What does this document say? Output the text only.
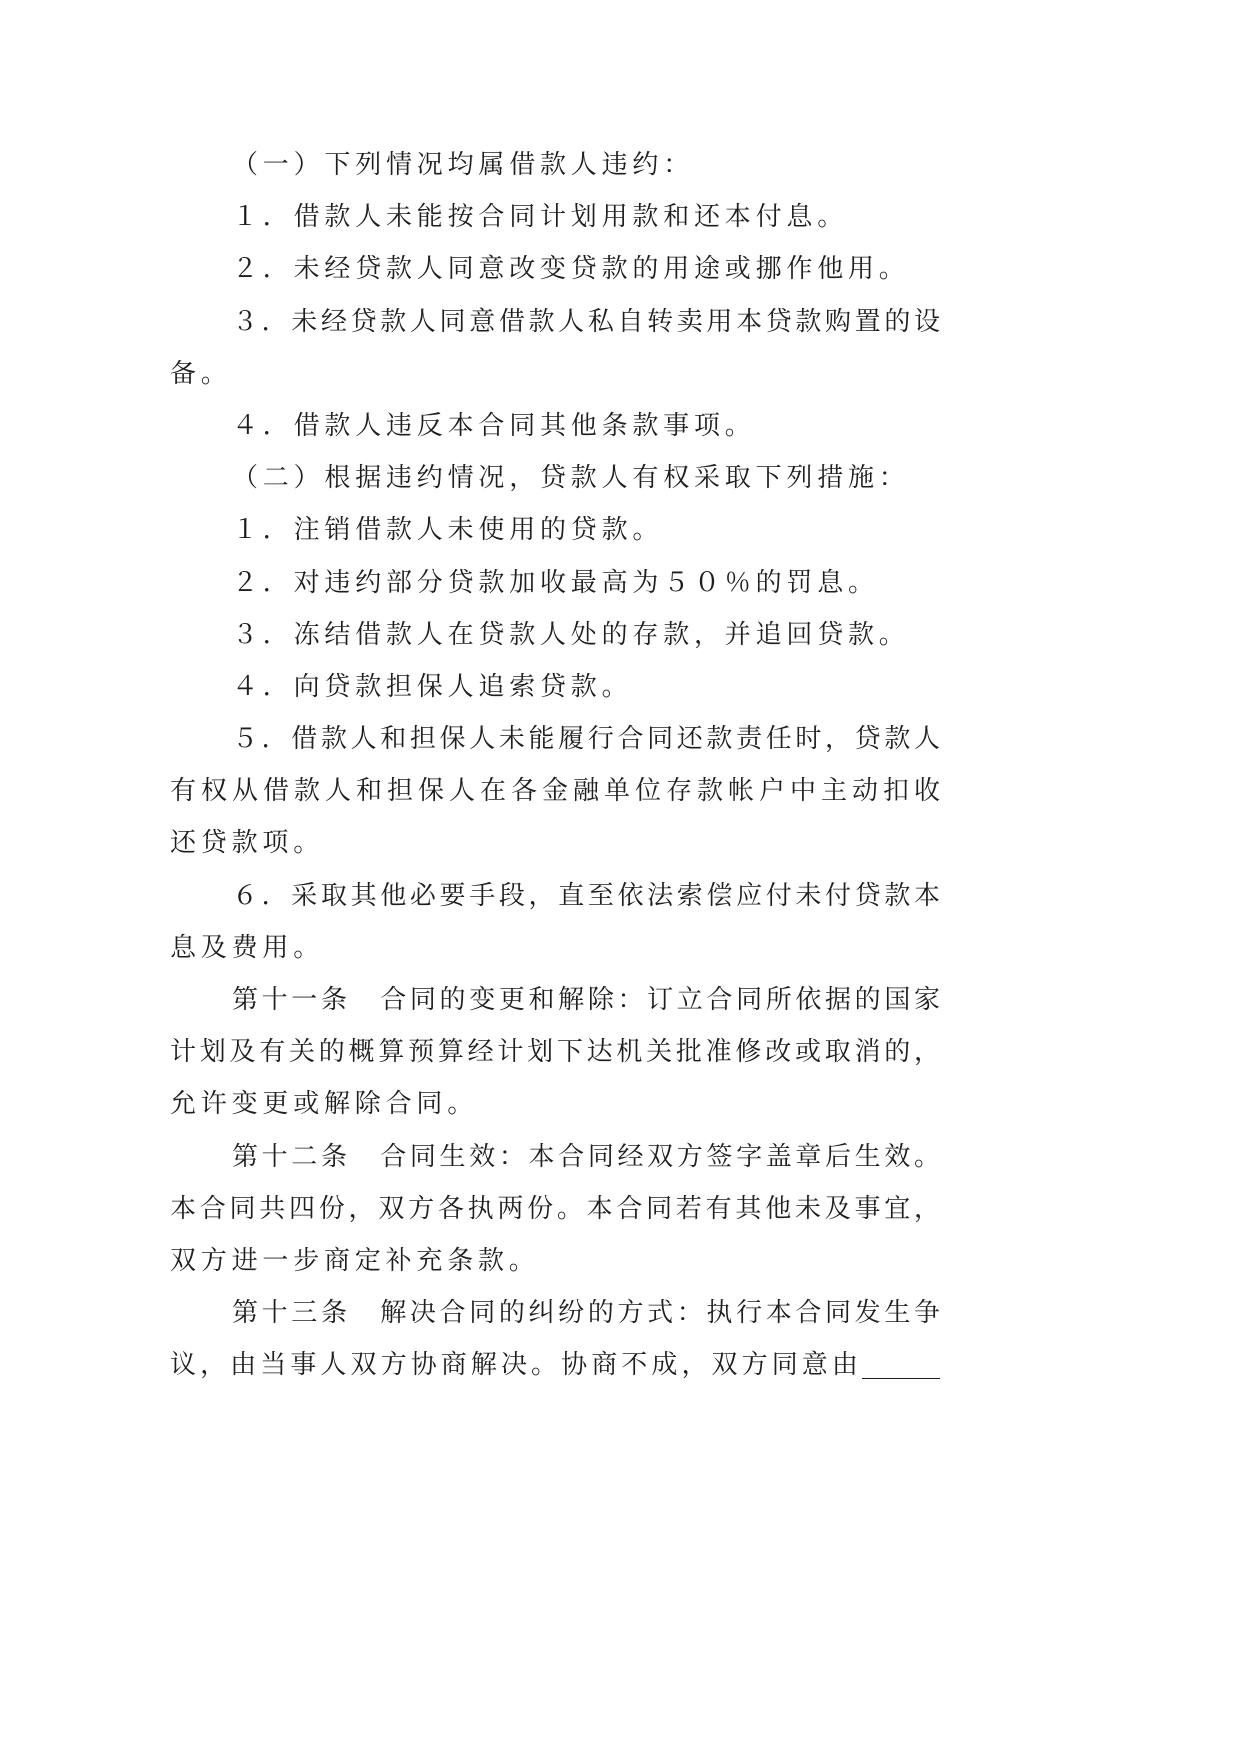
（一）下列情况均属借款人违约：
１．借款人未能按合同计划用款和还本付息。
２．未经贷款人同意改变贷款的用途或挪作他用。
３．未经贷款人同意借款人私自转卖用本贷款购置的设
备。
４．借款人违反本合同其他条款事项。
（二）根据违约情况，贷款人有权采取下列措施：
１．注销借款人未使用的贷款。
２．对违约部分贷款加收最高为５０％的罚息。
３．冻结借款人在贷款人处的存款，并追回贷款。
４．向贷款担保人追索贷款。
５．借款人和担保人未能履行合同还款责任时，贷款人
有权从借款人和担保人在各金融单位存款帐户中主动扣收
还贷款项。
６．采取其他必要手段，直至依法索偿应付未付贷款本
息及费用。
第十一条　合同的变更和解除：订立合同所依据的国家
计划及有关的概算预算经计划下达机关批准修改或取消的，
允许变更或解除合同。
第十二条　合同生效：本合同经双方签字盖章后生效。
本合同共四份，双方各执两份。本合同若有其他未及事宜，
双方进一步商定补充条款。
第十三条　解决合同的纠纷的方式：执行本合同发生争
议，由当事人双方协商解决。协商不成，双方同意由______
